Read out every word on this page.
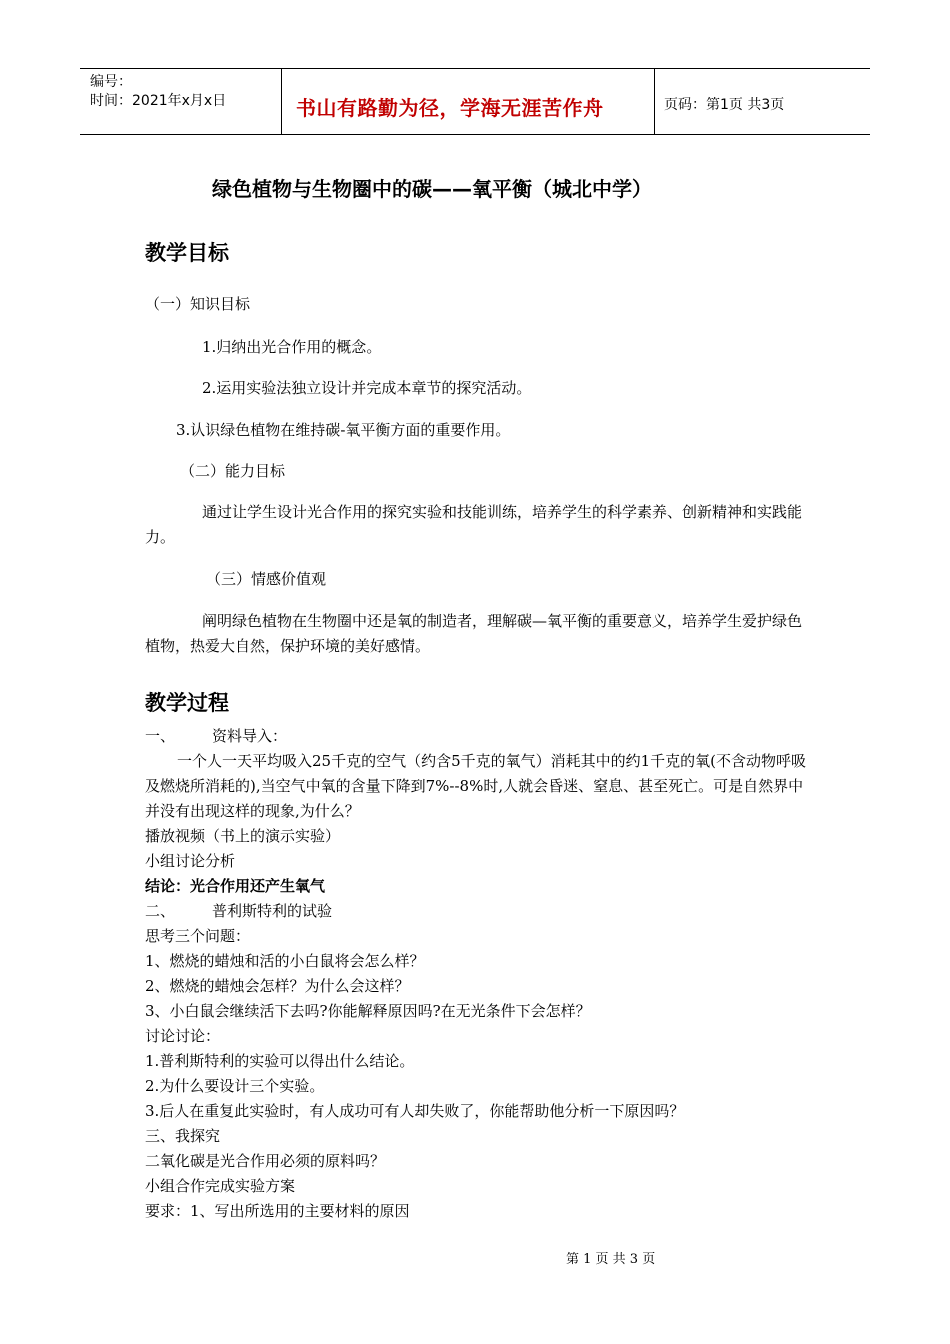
编号：
时间：2021年x月x日	书山有路勤为径，学海无涯苦作舟	页码：第1页 共3页
绿色植物与生物圈中的碳——氧平衡（城北中学）
教学目标
（一）知识目标
1.归纳出光合作用的概念。
2.运用实验法独立设计并完成本章节的探究活动。
3.认识绿色植物在维持碳-氧平衡方面的重要作用。
（二）能力目标
通过让学生设计光合作用的探究实验和技能训练，培养学生的科学素养、创新精神和实践能力。
（三）情感价值观
阐明绿色植物在生物圈中还是氧的制造者，理解碳—氧平衡的重要意义，培养学生爱护绿色植物，热爱大自然，保护环境的美好感情。
教学过程
一、 资料导入：
一个人一天平均吸入25千克的空气（约含5千克的氧气）消耗其中的约1千克的氧(不含动物呼吸及燃烧所消耗的),当空气中氧的含量下降到7%--8%时,人就会昏迷、窒息、甚至死亡。可是自然界中并没有出现这样的现象,为什么？
播放视频（书上的演示实验）
小组讨论分析
结论：光合作用还产生氧气
二、 普利斯特利的试验
思考三个问题：
1、燃烧的蜡烛和活的小白鼠将会怎么样？
2、燃烧的蜡烛会怎样？为什么会这样？
3、小白鼠会继续活下去吗?你能解释原因吗?在无光条件下会怎样？
讨论讨论：
1.普利斯特利的实验可以得出什么结论。
2.为什么要设计三个实验。
3.后人在重复此实验时，有人成功可有人却失败了，你能帮助他分析一下原因吗？
三、我探究
二氧化碳是光合作用必须的原料吗？
小组合作完成实验方案
要求：1、写出所选用的主要材料的原因
第 1 页 共 3 页
